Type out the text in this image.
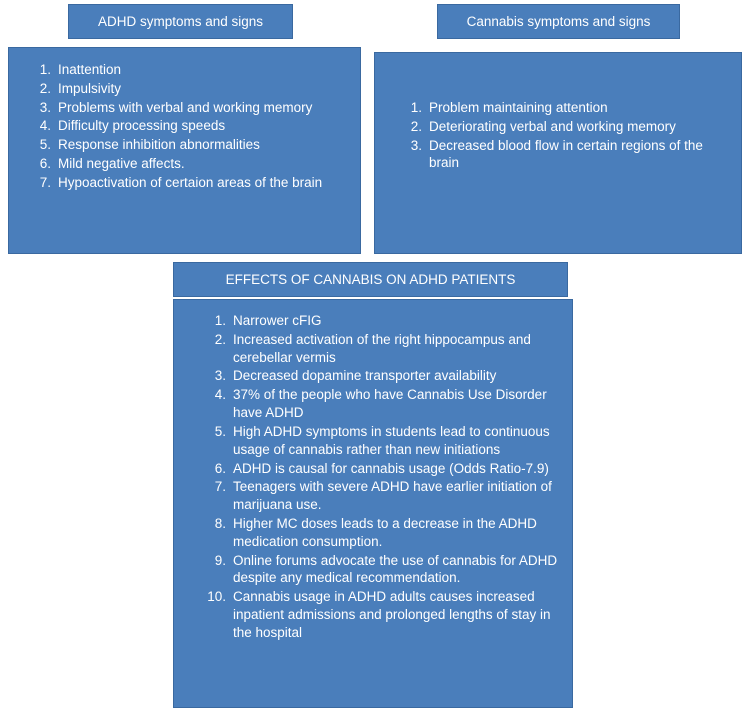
ADHD symptoms and signs
1. Inattention
2. Impulsivity
3. Problems with verbal and working memory
4. Difficulty processing speeds
5. Response inhibition abnormalities
6. Mild negative affects.
7. Hypoactivation of certaion areas of the brain
Cannabis symptoms and signs
1. Problem maintaining attention
2. Deteriorating verbal and working memory
3. Decreased blood flow in certain regions of the brain
EFFECTS OF CANNABIS ON ADHD PATIENTS
1. Narrower cFIG
2. Increased activation of the right hippocampus and cerebellar vermis
3. Decreased dopamine transporter availability
4. 37% of the people who have Cannabis Use Disorder have ADHD
5. High ADHD symptoms in students lead to continuous usage of cannabis rather than new initiations
6. ADHD is causal for cannabis usage (Odds Ratio-7.9)
7. Teenagers with severe ADHD have earlier initiation of marijuana use.
8. Higher MC doses leads to a decrease in the ADHD medication consumption.
9. Online forums advocate the use of cannabis for ADHD despite any medical recommendation.
10. Cannabis usage in ADHD adults causes increased inpatient admissions and prolonged lengths of stay in the hospital
